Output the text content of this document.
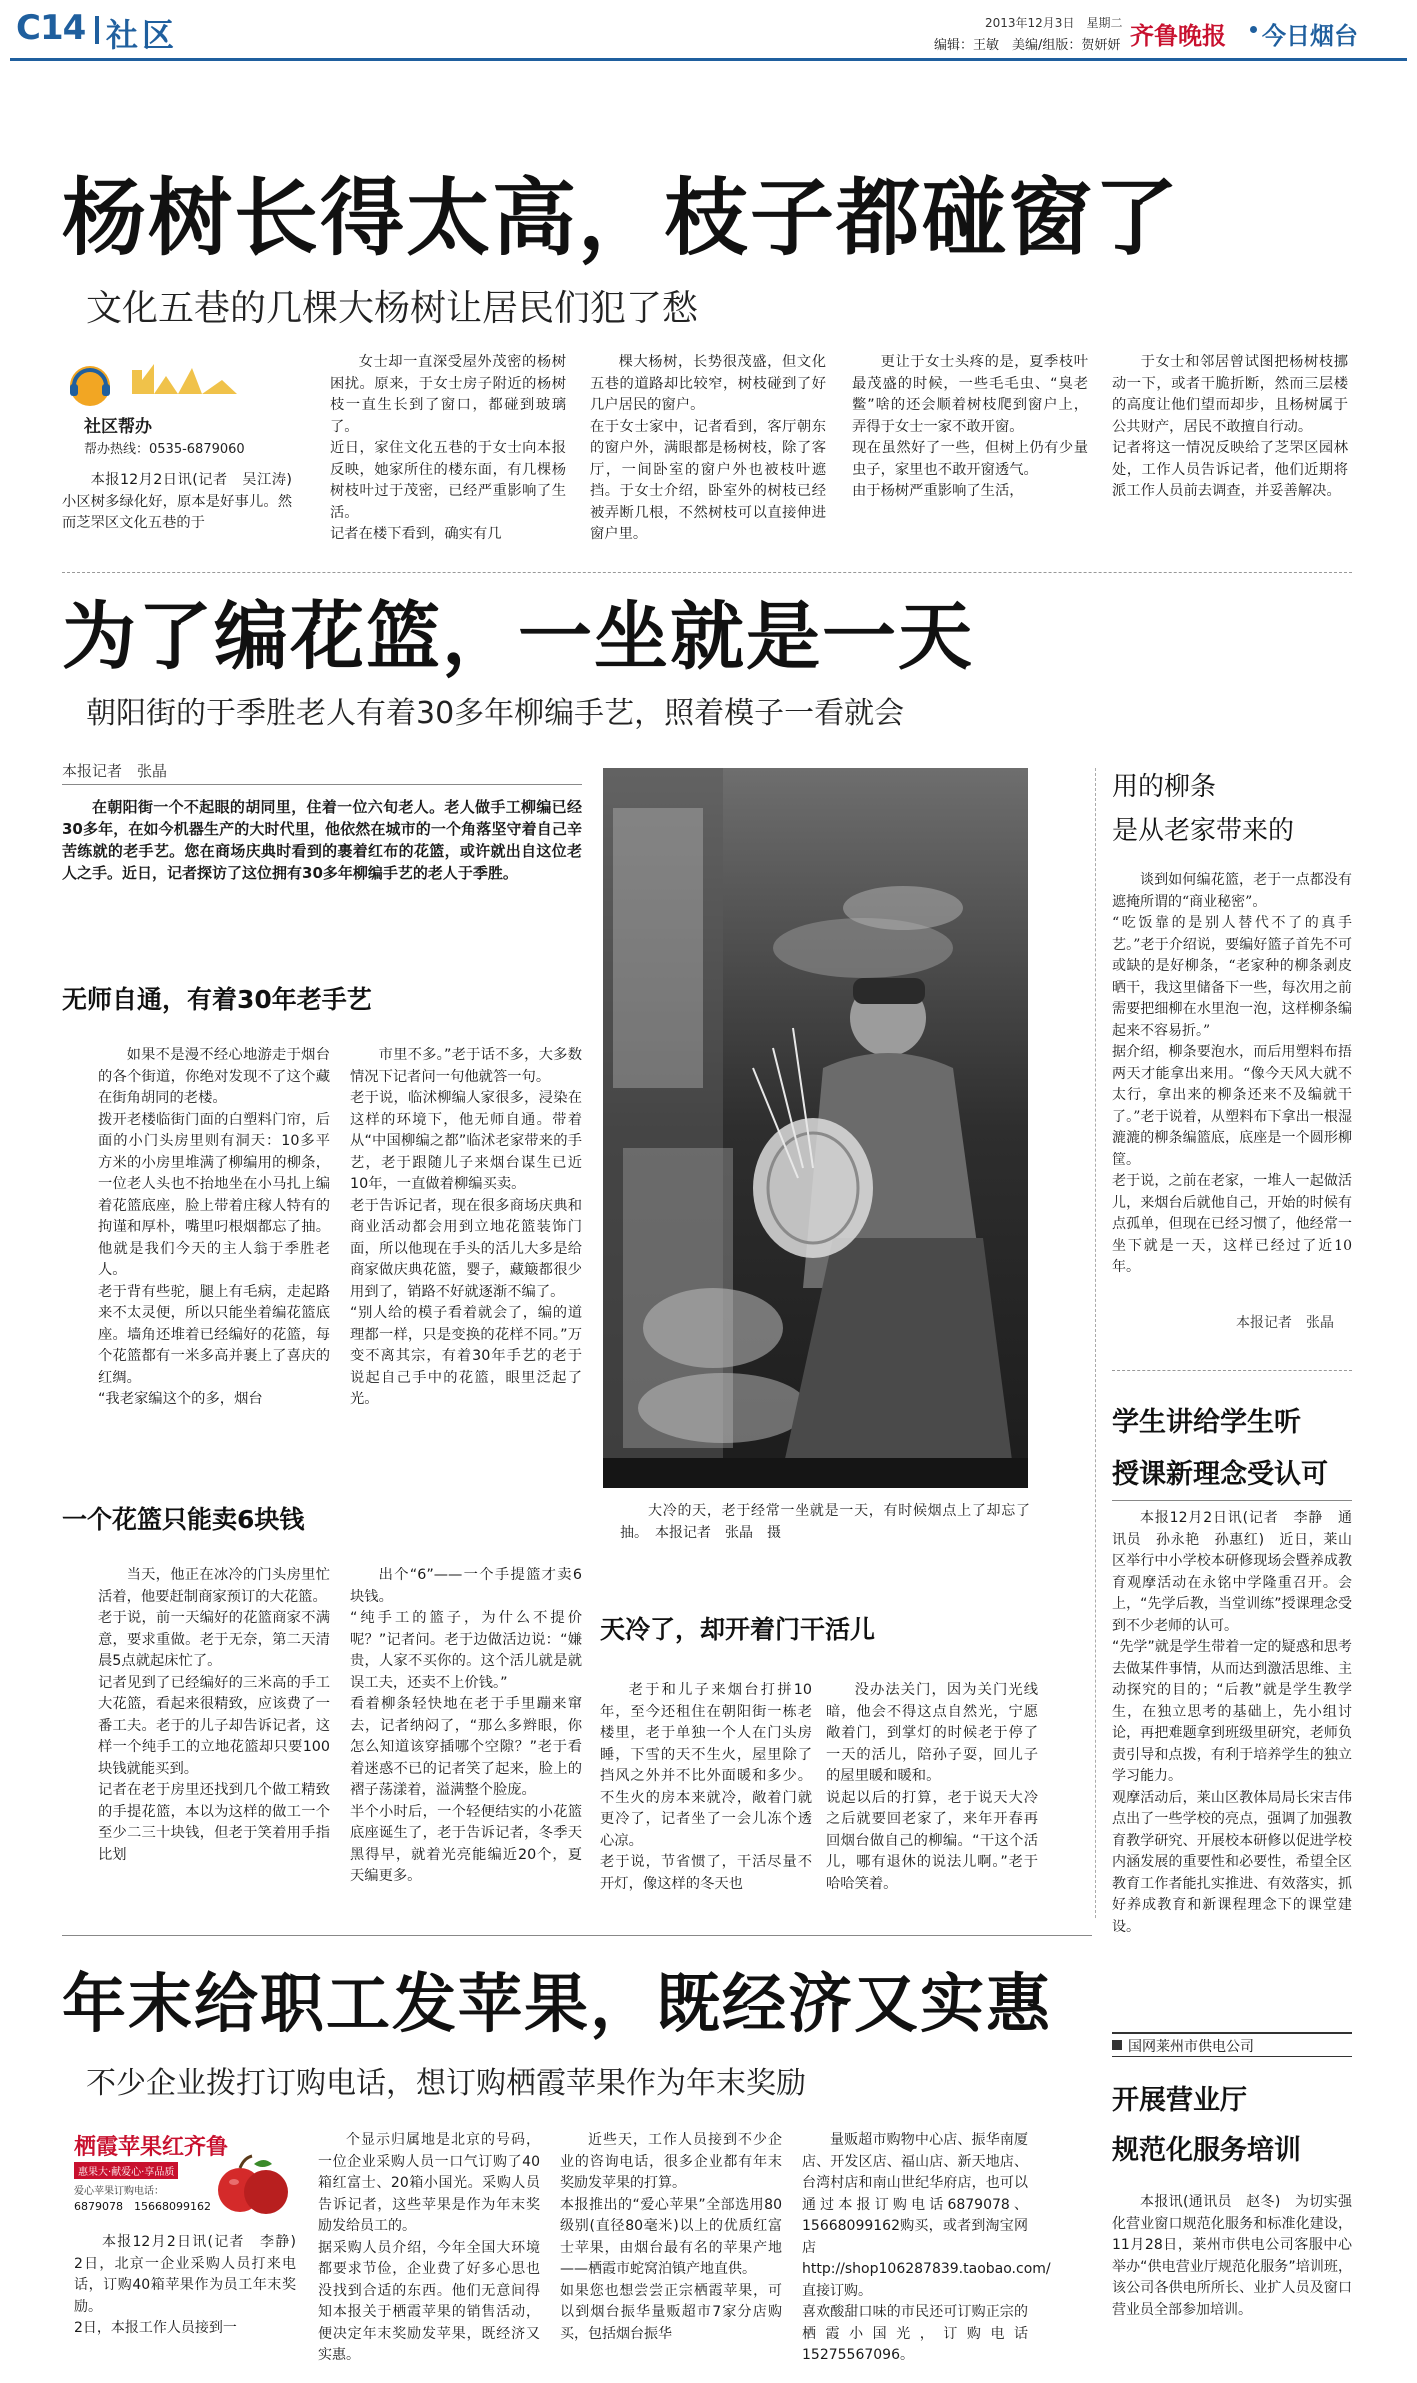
C14 社区	2013年12月3日　星期二
编辑：王敏　美编/组版：贺妍妍 齐鲁晚报 今日烟台
杨树长得太高，枝子都碰窗了
文化五巷的几棵大杨树让居民们犯了愁
社区帮办
帮办热线：0535-6879060
本报12月2日讯(记者　吴江涛)　小区树多绿化好，原本是好事儿。然而芝罘区文化五巷的于

女士却一直深受屋外茂密的杨树困扰。原来，于女士房子附近的杨树枝一直生长到了窗口，都碰到玻璃了。
近日，家住文化五巷的于女士向本报反映，她家所住的楼东面，有几棵杨树枝叶过于茂密，已经严重影响了生活。
记者在楼下看到，确实有几

棵大杨树，长势很茂盛，但文化五巷的道路却比较窄，树枝碰到了好几户居民的窗户。
在于女士家中，记者看到，客厅朝东的窗户外，满眼都是杨树枝，除了客厅，一间卧室的窗户外也被枝叶遮挡。于女士介绍，卧室外的树枝已经被弄断几根，不然树枝可以直接伸进窗户里。

更让于女士头疼的是，夏季枝叶最茂盛的时候，一些毛毛虫、“臭老鳖”啥的还会顺着树枝爬到窗户上，弄得于女士一家不敢开窗。
现在虽然好了一些，但树上仍有少量虫子，家里也不敢开窗透气。
由于杨树严重影响了生活，

于女士和邻居曾试图把杨树枝挪动一下，或者干脆折断，然而三层楼的高度让他们望而却步，且杨树属于公共财产，居民不敢擅自行动。
记者将这一情况反映给了芝罘区园林处，工作人员告诉记者，他们近期将派工作人员前去调查，并妥善解决。

为了编花篮，一坐就是一天
朝阳街的于季胜老人有着30多年柳编手艺，照着模子一看就会
本报记者　张晶

在朝阳街一个不起眼的胡同里，住着一位六旬老人。老人做手工柳编已经30多年，在如今机器生产的大时代里，他依然在城市的一个角落坚守着自己辛苦练就的老手艺。您在商场庆典时看到的裹着红布的花篮，或许就出自这位老人之手。近日，记者探访了这位拥有30多年柳编手艺的老人于季胜。

无师自通，有着30年老手艺

如果不是漫不经心地游走于烟台的各个街道，你绝对发现不了这个藏在街角胡同的老楼。
拨开老楼临街门面的白塑料门帘，后面的小门头房里则有洞天：10多平方米的小房里堆满了柳编用的柳条，一位老人头也不抬地坐在小马扎上编着花篮底座，脸上带着庄稼人特有的拘谨和厚朴，嘴里叼根烟都忘了抽。他就是我们今天的主人翁于季胜老人。
老于背有些驼，腿上有毛病，走起路来不太灵便，所以只能坐着编花篮底座。墙角还堆着已经编好的花篮，每个花篮都有一米多高并裹上了喜庆的红绸。
“我老家编这个的多，烟台

市里不多。”老于话不多，大多数情况下记者问一句他就答一句。
老于说，临沭柳编人家很多，浸染在这样的环境下，他无师自通。带着从“中国柳编之都”临沭老家带来的手艺，老于跟随儿子来烟台谋生已近10年，一直做着柳编买卖。
老于告诉记者，现在很多商场庆典和商业活动都会用到立地花篮装饰门面，所以他现在手头的活儿大多是给商家做庆典花篮，婴子，藏簸都很少用到了，销路不好就逐渐不编了。
“别人给的模子看着就会了，编的道理都一样，只是变换的花样不同。”万变不离其宗，有着30年手艺的老于说起自己手中的花篮，眼里泛起了光。

一个花篮只能卖6块钱

当天，他正在冰冷的门头房里忙活着，他要赶制商家预订的大花篮。
老于说，前一天编好的花篮商家不满意，要求重做。老于无奈，第二天清晨5点就起床忙了。
记者见到了已经编好的三米高的手工大花篮，看起来很精致，应该费了一番工夫。老于的儿子却告诉记者，这样一个纯手工的立地花篮却只要100块钱就能买到。
记者在老于房里还找到几个做工精致的手提花篮，本以为这样的做工一个至少二三十块钱，但老于笑着用手指比划

出个“6”——一个手提篮才卖6块钱。
“纯手工的篮子，为什么不提价呢？”记者问。老于边做活边说：“嫌贵，人家不买你的。这个活儿就是就误工夫，还卖不上价钱。”
看着柳条轻快地在老于手里蹦来窜去，记者纳闷了，“那么多辫眼，你怎么知道该穿插哪个空隙？”老于看着迷惑不已的记者笑了起来，脸上的褶子荡漾着，溢满整个脸庞。
半个小时后，一个轻便结实的小花篮底座诞生了，老于告诉记者，冬季天黑得早，就着光亮能编近20个，夏天编更多。

大冷的天，老于经常一坐就是一天，有时候烟点上了却忘了抽。　本报记者　张晶　摄

天冷了，却开着门干活儿

老于和儿子来烟台打拼10年，至今还租住在朝阳街一栋老楼里，老于单独一个人在门头房睡，下雪的天不生火，屋里除了挡风之外并不比外面暖和多少。不生火的房本来就冷，敞着门就更冷了，记者坐了一会儿冻个透心凉。
老于说，节省惯了，干活尽量不开灯，像这样的冬天也

没办法关门，因为关门光线暗，他会不得这点自然光，宁愿敞着门，到掌灯的时候老于停了一天的活儿，陪孙子耍，回儿子的屋里暖和暖和。
说起以后的打算，老于说天大冷之后就要回老家了，来年开春再回烟台做自己的柳编。“干这个活儿，哪有退休的说法儿啊。”老于哈哈笑着。

用的柳条
是从老家带来的

谈到如何编花篮，老于一点都没有遮掩所谓的“商业秘密”。
“吃饭靠的是别人替代不了的真手艺。”老于介绍说，要编好篮子首先不可或缺的是好柳条，“老家种的柳条剥皮晒干，我这里储备下一些，每次用之前需要把细柳在水里泡一泡，这样柳条编起来不容易折。”
据介绍，柳条要泡水，而后用塑料布捂两天才能拿出来用。“像今天风大就不太行，拿出来的柳条还来不及编就干了。”老于说着，从塑料布下拿出一根湿漉漉的柳条编篮底，底座是一个圆形柳筐。
老于说，之前在老家，一堆人一起做活儿，来烟台后就他自己，开始的时候有点孤单，但现在已经习惯了，他经常一坐下就是一天，这样已经过了近10年。

本报记者　张晶
学生讲给学生听
授课新理念受认可

本报12月2日讯(记者　李静　通讯员　孙永艳　孙惠红)　近日，莱山区举行中小学校本研修现场会暨养成教育观摩活动在永铭中学隆重召开。会上，“先学后教，当堂训练”授课理念受到不少老师的认可。
“先学”就是学生带着一定的疑惑和思考去做某件事情，从而达到激活思维、主动探究的目的；“后教”就是学生教学生，在独立思考的基础上，先小组讨论，再把难题拿到班级里研究，老师负责引导和点拨，有利于培养学生的独立学习能力。
观摩活动后，莱山区教体局局长宋吉伟点出了一些学校的亮点，强调了加强教育教学研究、开展校本研修以促进学校内涵发展的重要性和必要性，希望全区教育工作者能扎实推进、有效落实，抓好养成教育和新课程理念下的课堂建设。

年末给职工发苹果，既经济又实惠
不少企业拨打订购电话，想订购栖霞苹果作为年末奖励
栖霞苹果红齐鲁
惠果大·献爱心·享品质
爱心苹果订购电话：
6879078　15668099162

本报12月2日讯(记者　李静)　2日，北京一企业采购人员打来电话，订购40箱苹果作为员工年末奖励。
2日，本报工作人员接到一

个显示归属地是北京的号码，一位企业采购人员一口气订购了40箱红富士、20箱小国光。采购人员告诉记者，这些苹果是作为年末奖励发给员工的。
据采购人员介绍，今年全国大环境都要求节俭，企业费了好多心思也没找到合适的东西。他们无意间得知本报关于栖霞苹果的销售活动，便决定年末奖励发苹果，既经济又实惠。

近些天，工作人员接到不少企业的咨询电话，很多企业都有年末奖励发苹果的打算。
本报推出的“爱心苹果”全部选用80级别(直径80毫米)以上的优质红富士苹果，由烟台最有名的苹果产地——栖霞市蛇窝泊镇产地直供。
如果您也想尝尝正宗栖霞苹果，可以到烟台振华量贩超市7家分店购买，包括烟台振华

量贩超市购物中心店、振华南厦店、开发区店、福山店、新天地店、台湾村店和南山世纪华府店，也可以通过本报订购电话6879078、15668099162购买，或者到淘宝网店http://shop106287839.taobao.com/直接订购。
喜欢酸甜口味的市民还可订购正宗的栖霞小国光，订购电话15275567096。

国网莱州市供电公司
开展营业厅
规范化服务培训

本报讯(通讯员　赵冬)　为切实强化营业窗口规范化服务和标准化建设，11月28日，莱州市供电公司客服中心举办“供电营业厅规范化服务”培训班，该公司各供电所所长、业扩人员及窗口营业员全部参加培训。
